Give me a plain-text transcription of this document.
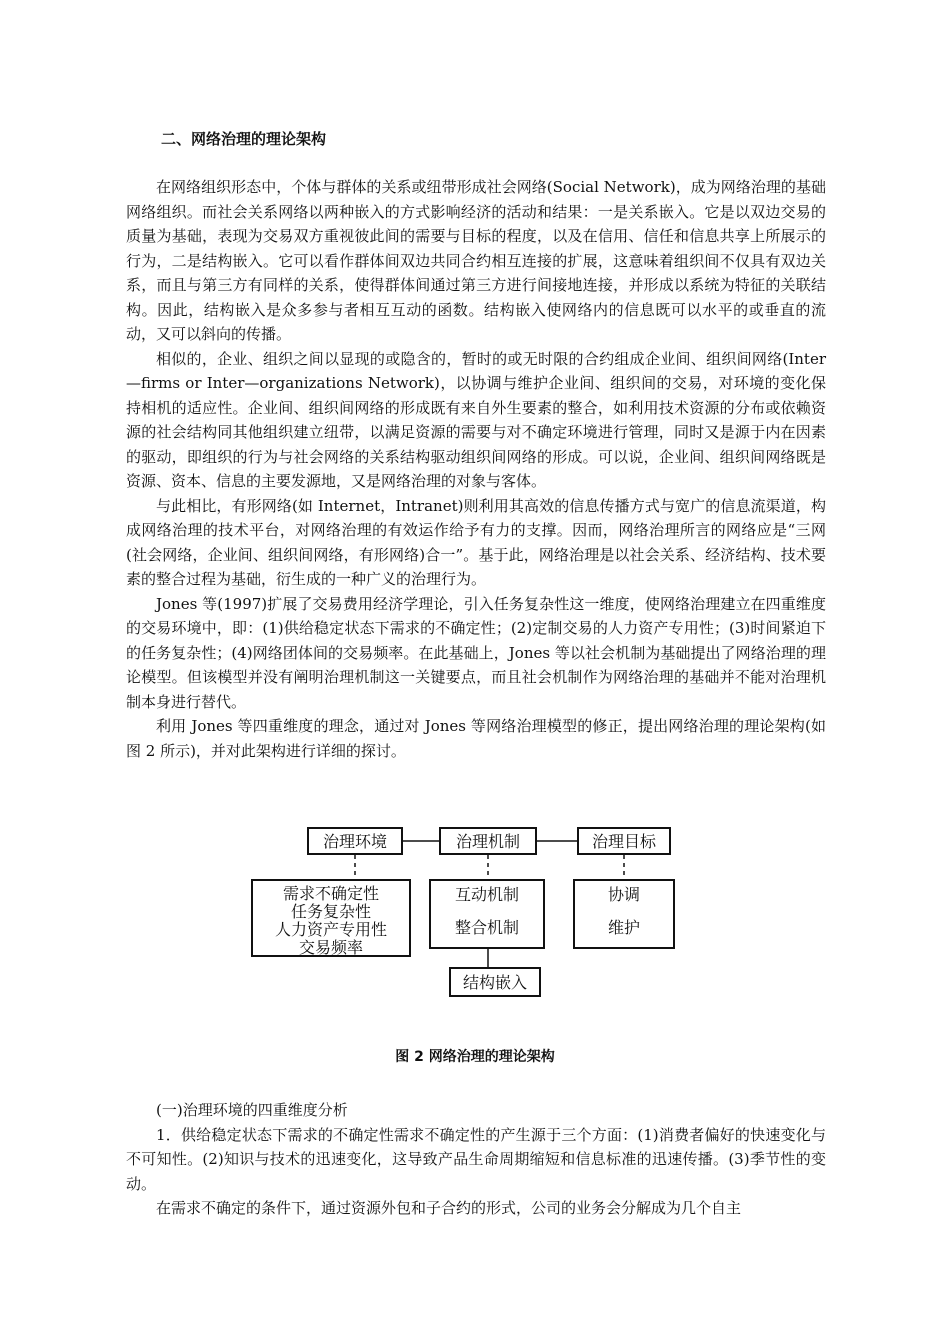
二、网络治理的理论架构

在网络组织形态中，个体与群体的关系或纽带形成社会网络(Social Network)，成为网络治理的基础网络组织。而社会关系网络以两种嵌入的方式影响经济的活动和结果：一是关系嵌入。它是以双边交易的质量为基础，表现为交易双方重视彼此间的需要与目标的程度，以及在信用、信任和信息共享上所展示的行为，二是结构嵌入。它可以看作群体间双边共同合约相互连接的扩展，这意味着组织间不仅具有双边关系，而且与第三方有同样的关系，使得群体间通过第三方进行间接地连接，并形成以系统为特征的关联结构。因此，结构嵌入是众多参与者相互互动的函数。结构嵌入使网络内的信息既可以水平的或垂直的流动，又可以斜向的传播。

相似的，企业、组织之间以显现的或隐含的，暂时的或无时限的合约组成企业间、组织间网络(Inter—firms or Inter—organizations Network)，以协调与维护企业间、组织间的交易，对环境的变化保持相机的适应性。企业间、组织间网络的形成既有来自外生要素的整合，如利用技术资源的分布或依赖资源的社会结构同其他组织建立纽带，以满足资源的需要与对不确定环境进行管理，同时又是源于内在因素的驱动，即组织的行为与社会网络的关系结构驱动组织间网络的形成。可以说，企业间、组织间网络既是资源、资本、信息的主要发源地，又是网络治理的对象与客体。

与此相比，有形网络(如 Internet，Intranet)则利用其高效的信息传播方式与宽广的信息流渠道，构成网络治理的技术平台，对网络治理的有效运作给予有力的支撑。因而，网络治理所言的网络应是“三网(社会网络，企业间、组织间网络，有形网络)合一”。基于此，网络治理是以社会关系、经济结构、技术要素的整合过程为基础，衍生成的一种广义的治理行为。

Jones 等(1997)扩展了交易费用经济学理论，引入任务复杂性这一维度，使网络治理建立在四重维度的交易环境中，即：(1)供给稳定状态下需求的不确定性；(2)定制交易的人力资产专用性；(3)时间紧迫下的任务复杂性；(4)网络团体间的交易频率。在此基础上，Jones 等以社会机制为基础提出了网络治理的理论模型。但该模型并没有阐明治理机制这一关键要点，而且社会机制作为网络治理的基础并不能对治理机制本身进行替代。

利用 Jones 等四重维度的理念，通过对 Jones 等网络治理模型的修正，提出网络治理的理论架构(如图 2 所示)，并对此架构进行详细的探讨。

治理环境	治理机制	治理目标
需求不确定性
任务复杂性
人力资产专用性
交易频率
互动机制
整合机制
协调
维护
结构嵌入
图 2 网络治理的理论架构

(一)治理环境的四重维度分析

1．供给稳定状态下需求的不确定性需求不确定性的产生源于三个方面：(1)消费者偏好的快速变化与不可知性。(2)知识与技术的迅速变化，这导致产品生命周期缩短和信息标准的迅速传播。(3)季节性的变动。

在需求不确定的条件下，通过资源外包和子合约的形式，公司的业务会分解成为几个自主
